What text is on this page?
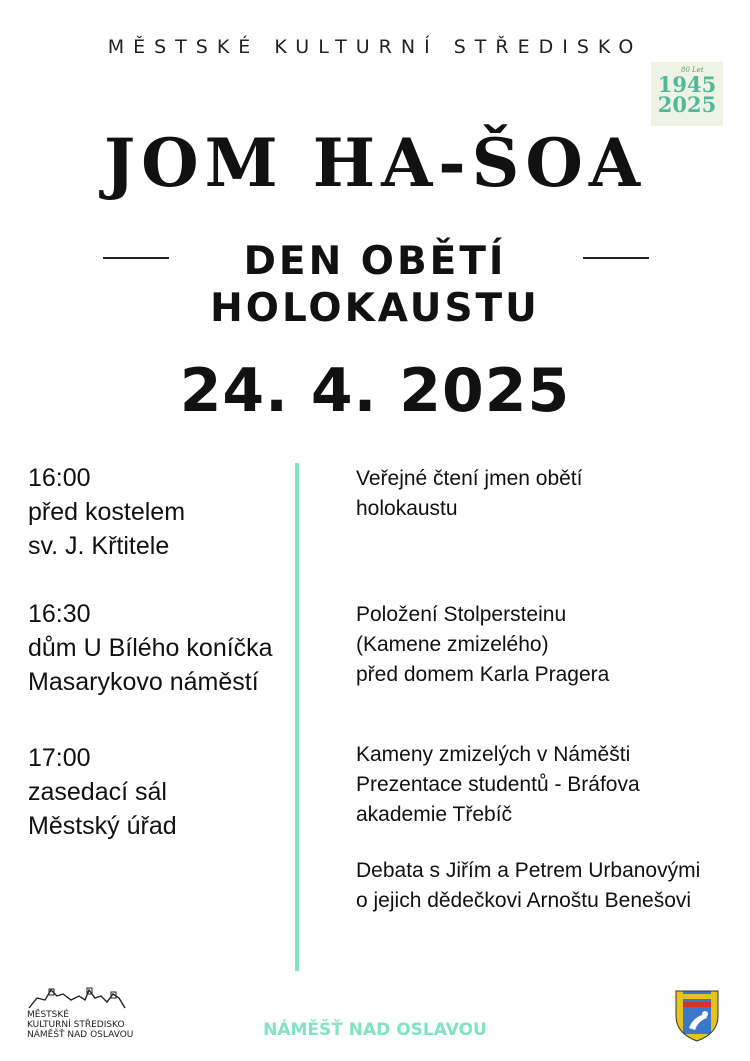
MĚSTSKÉ KULTURNÍ STŘEDISKO
80 Let
1945
2025
JOM HA-ŠOA
DEN OBĚTÍ
HOLOKAUSTU
24. 4. 2025
16:00
před kostelem
sv. J. Křtitele
Veřejné čtení jmen obětí
holokaustu
16:30
dům U Bílého koníčka
Masarykovo náměstí
Položení Stolpersteinu
(Kamene zmizelého)
před domem Karla Pragera
17:00
zasedací sál
Městský úřad
Kameny zmizelých v Náměšti
Prezentace studentů - Bráfova
akademie Třebíč
Debata s Jiřím a Petrem Urbanovými
o jejich dědečkovi Arnoštu Benešovi
MĚSTSKÉ
KULTURNÍ STŘEDISKO
NÁMĚŠŤ NAD OSLAVOU	NÁMĚŠŤ NAD OSLAVOU
